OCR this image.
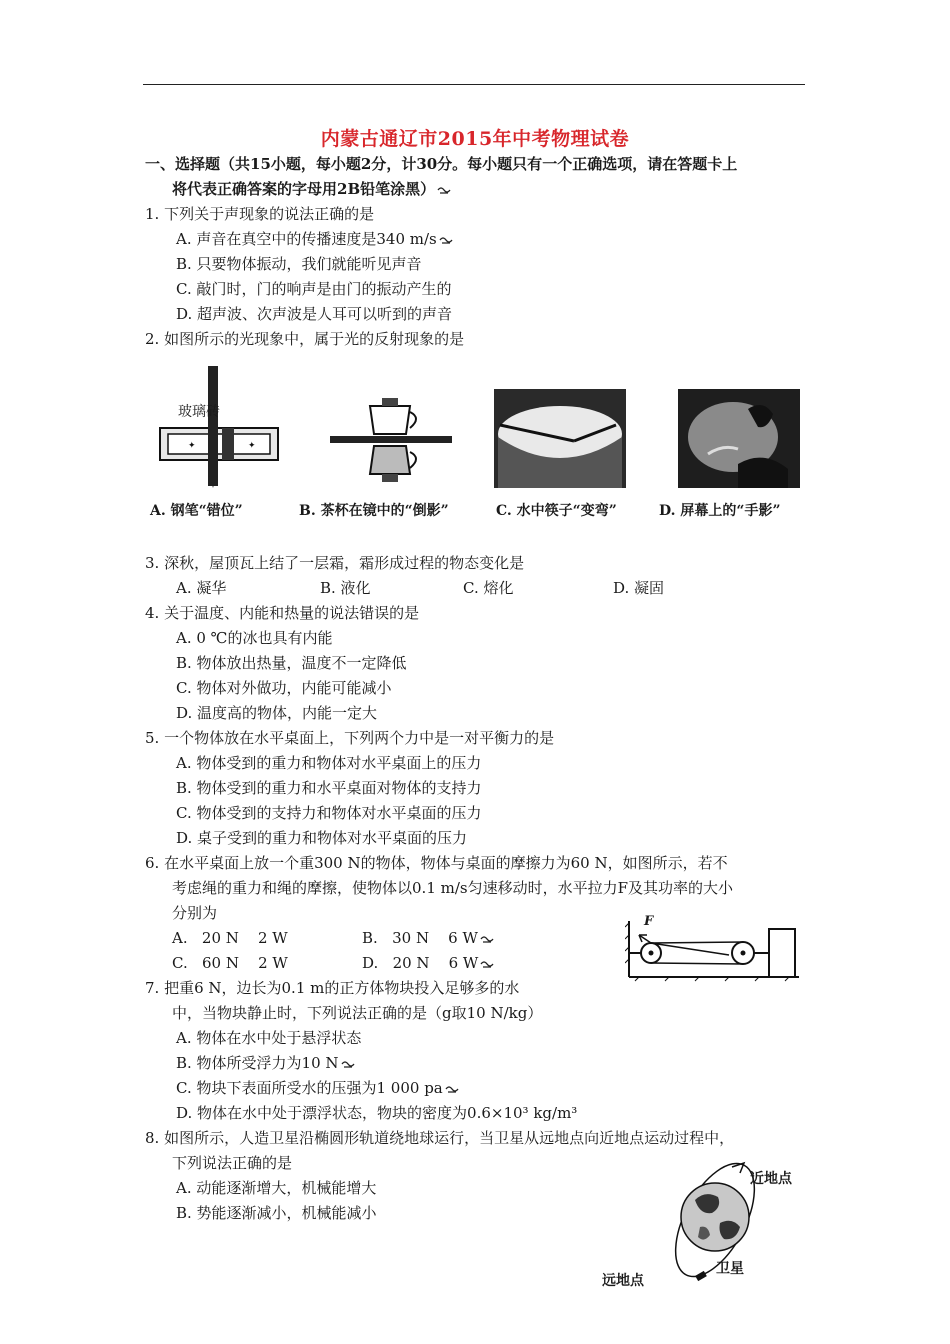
内蒙古通辽市2015年中考物理试卷
一、选择题（共15小题，每小题2分，计30分。每小题只有一个正确选项，请在答题卡上
将代表正确答案的字母用2B铅笔涂黑）
1. 下列关于声现象的说法正确的是
A. 声音在真空中的传播速度是340 m/s
B. 只要物体振动，我们就能听见声音
C. 敲门时，门的响声是由门的振动产生的
D. 超声波、次声波是人耳可以听到的声音
2. 如图所示的光现象中，属于光的反射现象的是
✦	✦
玻璃砖
A. 钢笔“错位”	B. 茶杯在镜中的“倒影”	C. 水中筷子“变弯”	D. 屏幕上的“手影”
3. 深秋，屋顶瓦上结了一层霜，霜形成过程的物态变化是
A. 凝华	B. 液化	C. 熔化	D. 凝固
4. 关于温度、内能和热量的说法错误的是
A. 0 ℃的冰也具有内能
B. 物体放出热量，温度不一定降低
C. 物体对外做功，内能可能减小
D. 温度高的物体，内能一定大
5. 一个物体放在水平桌面上，下列两个力中是一对平衡力的是
A. 物体受到的重力和物体对水平桌面上的压力
B. 物体受到的重力和水平桌面对物体的支持力
C. 物体受到的支持力和物体对水平桌面的压力
D. 桌子受到的重力和物体对水平桌面的压力
6. 在水平桌面上放一个重300 N的物体，物体与桌面的摩擦力为60 N，如图所示，若不
考虑绳的重力和绳的摩擦，使物体以0.1 m/s匀速移动时，水平拉力F及其功率的大小
分别为
A.   20 N    2 W	B.   30 N    6 W
C.   60 N    2 W	D.   20 N    6 W
F
7. 把重6 N，边长为0.1 m的正方体物块投入足够多的水
中，当物块静止时，下列说法正确的是（g取10 N/kg）
A. 物体在水中处于悬浮状态
B. 物体所受浮力为10 N
C. 物块下表面所受水的压强为1 000 pa
D. 物体在水中处于漂浮状态，物块的密度为0.6×10³ kg/m³
8. 如图所示，人造卫星沿椭圆形轨道绕地球运行，当卫星从远地点向近地点运动过程中，
下列说法正确的是
A. 动能逐渐增大，机械能增大
B. 势能逐渐减小，机械能减小
近地点
远地点
卫星
